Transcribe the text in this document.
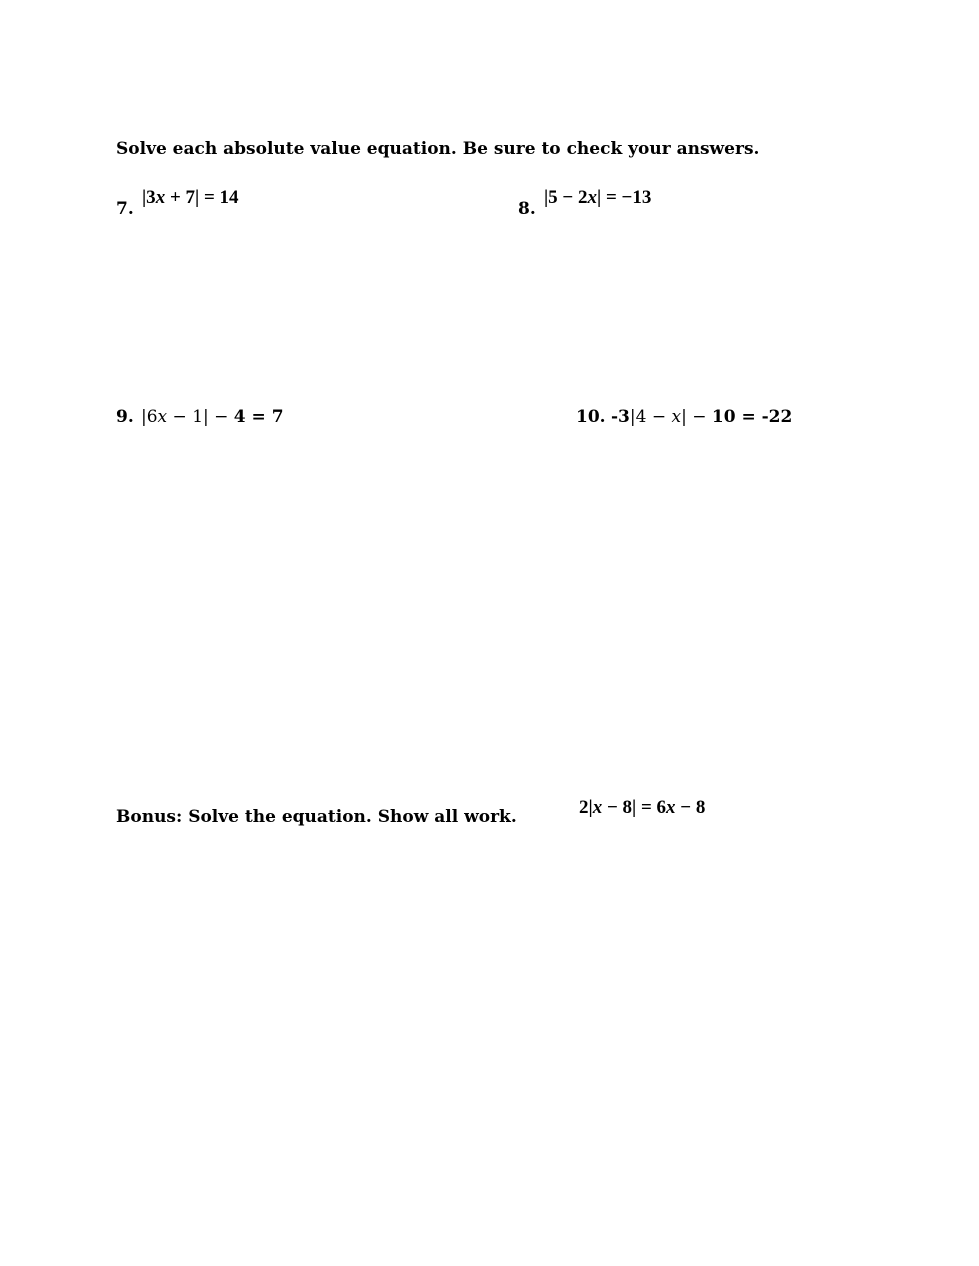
Solve each absolute value equation. Be sure to check your answers.
7.
|3x + 7| = 14
8.
|5 − 2x| = −13
9. |6x − 1| − 4 = 7	10. -3|4 − x| − 10 = -22
Bonus: Solve the equation. Show all work.	2|x − 8| = 6x − 8
